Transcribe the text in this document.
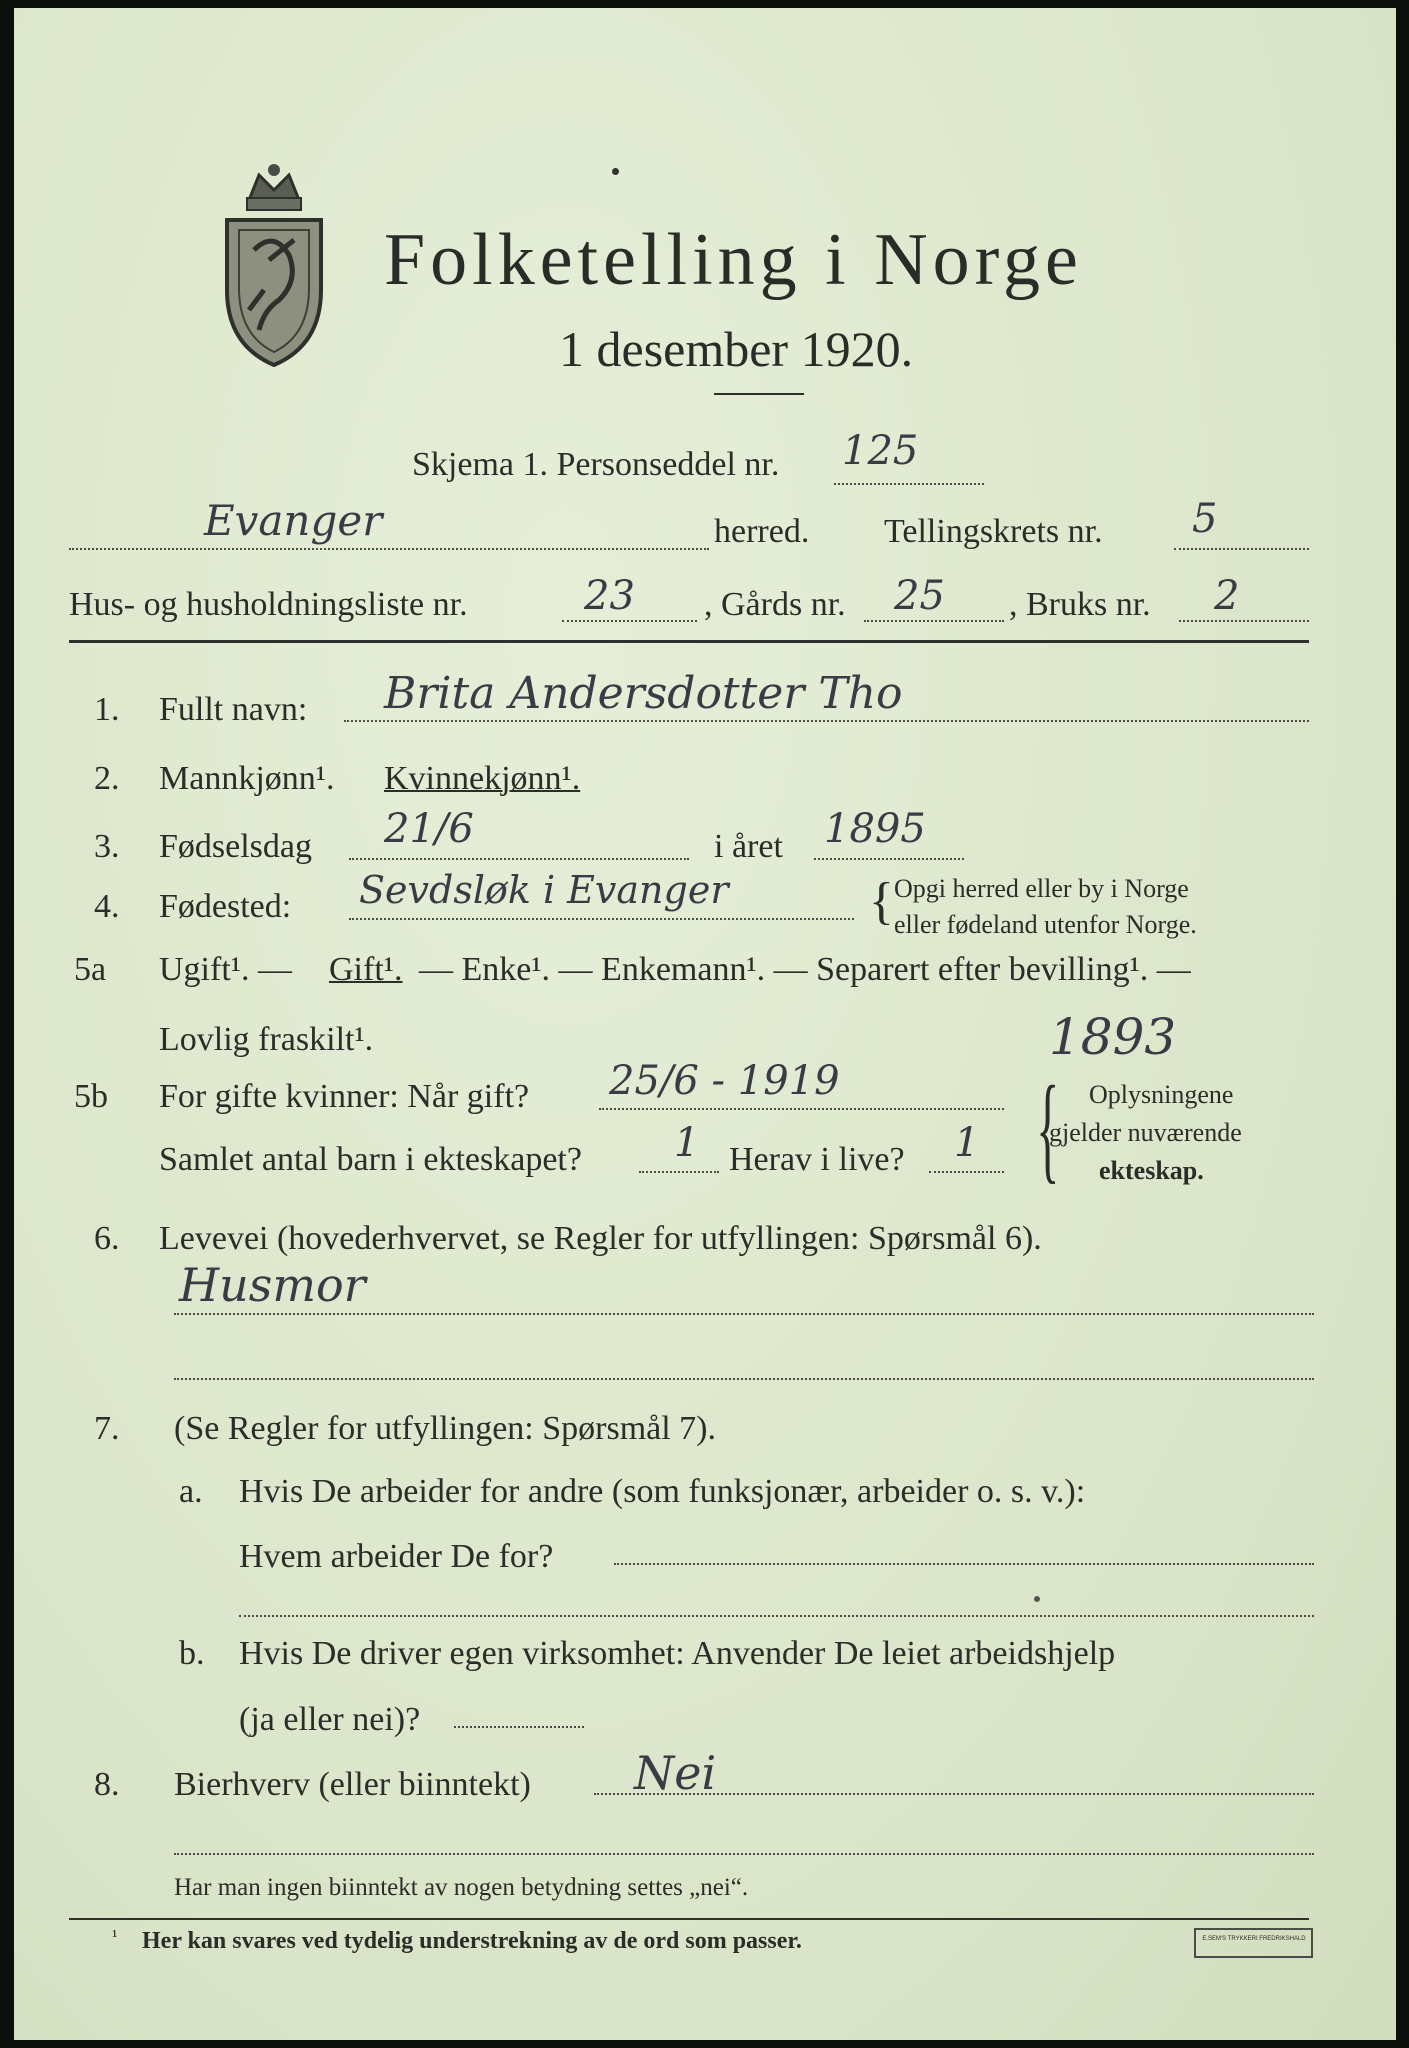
Folketelling i Norge
1 desember 1920.
Skjema 1. Personseddel nr. 125
Evanger	herred. Tellingskrets nr. 5
Hus- og husholdningsliste nr.	23 , Gårds nr. 25 , Bruks nr. 2
1. Fullt navn: Brita Andersdotter Tho
2. Mannkjønn¹. Kvinnekjønn¹.
3. Fødselsdag 21/6	i året 1895
4. Fødested: Sevdsløk i Evanger	{ Opgi herred eller by i Norge
eller fødeland utenfor Norge.
5a Ugift¹. — Gift¹. — Enke¹. — Enkemann¹. — Separert efter bevilling¹. —
Lovlig fraskilt¹.	1893
5b For gifte kvinner: Når gift? 25/6 - 1919
Samlet antal barn i ekteskapet? 1 Herav i live? 1 { Oplysningene
gjelder nuværende
ekteskap.
6. Levevei (hovederhvervet, se Regler for utfyllingen: Spørsmål 6).
Husmor
7. (Se Regler for utfyllingen: Spørsmål 7).
a. Hvis De arbeider for andre (som funksjonær, arbeider o. s. v.):
Hvem arbeider De for?
b. Hvis De driver egen virksomhet: Anvender De leiet arbeidshjelp
(ja eller nei)?
8. Bierhverv (eller biinntekt) Nei
Har man ingen biinntekt av nogen betydning settes „nei“.
¹ Her kan svares ved tydelig understrekning av de ord som passer.	E.SEM'S TRYKKERI FREDRIKSHALD
